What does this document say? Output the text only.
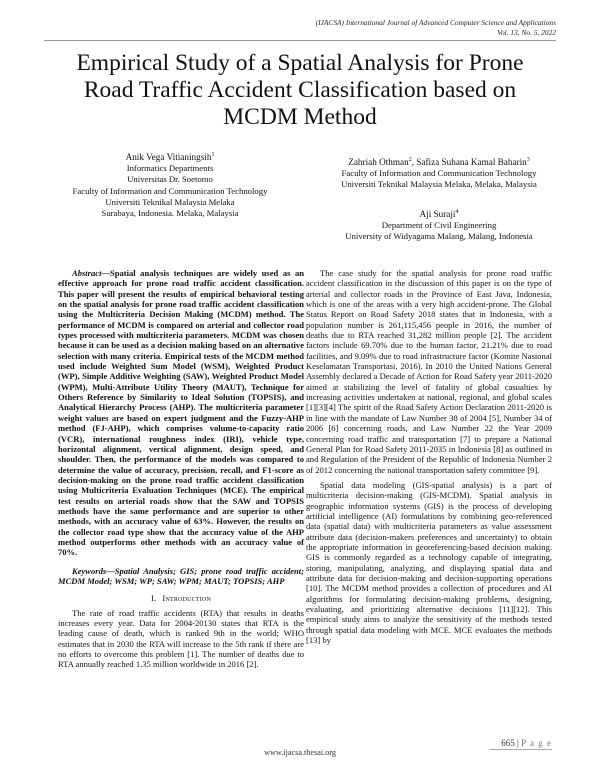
(IJACSA) International Journal of Advanced Computer Science and Applications
Vol. 13, No. 5, 2022
Empirical Study of a Spatial Analysis for Prone Road Traffic Accident Classification based on MCDM Method
Anik Vega Vitianingsih$^1$
Informatics Departments
Universitas Dr. Soetomo
Faculty of Information and Communication Technology
Universiti Teknikal Malaysia Melaka
Surabaya, Indonesia. Melaka, Malaysia
Zahriah Othman$^2$, Safiza Suhana Kamal Baharin$^3$
Faculty of Information and Communication Technology
Universiti Teknikal Malaysia Melaka, Melaka, Malaysia
Aji Suraji$^4$
Department of Civil Engineering
University of Widyagama Malang, Malang, Indonesia

Abstract—Spatial analysis techniques are widely used as an effective approach for prone road traffic accident classification. This paper will present the results of empirical behavioral testing on the spatial analysis for prone road traffic accident classification using the Multicriteria Decision Making (MCDM) method. The performance of MCDM is compared on arterial and collector road types processed with multicriteria parameters. MCDM was chosen because it can be used as a decision making based on an alternative selection with many criteria. Empirical tests of the MCDM method used include Weighted Sum Model (WSM), Weighted Product (WP), Simple Additive Weighting (SAW), Weighted Product Model (WPM), Multi-Attribute Utility Theory (MAUT), Technique for Others Reference by Similarity to Ideal Solution (TOPSIS), and Analytical Hierarchy Process (AHP). The multicriteria parameter weight values are based on expert judgment and the Fuzzy-AHP method (FJ-AHP), which comprises volume-to-capacity ratio (VCR), international roughness index (IRI), vehicle type, horizontal alignment, vertical alignment, design speed, and shoulder. Then, the performance of the models was compared to determine the value of accuracy, precision, recall, and F1-score as decision-making on the prone road traffic accident classification using Multicriteria Evaluation Techniques (MCE). The empirical test results on arterial roads show that the SAW and TOPSIS methods have the same performance and are superior to other methods, with an accuracy value of 63%. However, the results on the collector road type show that the accuracy value of the AHP method outperforms other methods with an accuracy value of 70%.

Keywords—Spatial Analysis; GIS; prone road traffic accident; MCDM Model; WSM; WP; SAW; WPM; MAUT; TOPSIS; AHP

I. Introduction

The rate of road traffic accidents (RTA) that results in deaths increases every year. Data for 2004-20130 states that RTA is the leading cause of death, which is ranked 9th in the world; WHO estimates that in 2030 the RTA will increase to the 5th rank if there are no efforts to overcome this problem [1]. The number of deaths due to RTA annually reached 1.35 million worldwide in 2016 [2].

The case study for the spatial analysis for prone road traffic accident classification in the discussion of this paper is on the type of arterial and collector roads in the Province of East Java, Indonesia, which is one of the areas with a very high accident-prone. The Global Status Report on Road Safety 2018 states that in Indonesia, with a population number is 261,115,456 people in 2016, the number of deaths due to RTA reached 31,282 million people [2]. The accident factors include 69.70% due to the human factor, 21.21% due to road facilities, and 9.09% due to road infrastructure factor (Komite Nasional Keselamatan Transportasi, 2016). In 2010 the United Nations General Assembly declared a Decade of Action for Road Safety year 2011-2020 aimed at stabilizing the level of fatality of global casualties by increasing activities undertaken at national, regional, and global scales [1][3][4] The spirit of the Road Safety Action Declaration 2011-2020 is in line with the mandate of Law Number 38 of 2004 [5], Number 34 of 2006 [6] concerning roads, and Law Number 22 the Year 2009 concerning road traffic and transportation [7] to prepare a National General Plan for Road Safety 2011-2035 in Indonesia [8] as outlined in and Regulation of the President of the Republic of Indonesia Number 2 of 2012 concerning the national transportation safety committee [9].

Spatial data modeling (GIS-spatial analysis) is a part of multicriteria decision-making (GIS-MCDM). Spatial analysis in geographic information systems (GIS) is the process of developing artificial intelligence (AI) formulations by combining geo-referenced data (spatial data) with multicriteria parameters as value assessment attribute data (decision-makers preferences and uncertainty) to obtain the appropriate information in georeferencing-based decision making. GIS is commonly regarded as a technology capable of integrating, storing, manipulating, analyzing, and displaying spatial data and attribute data for decision-making and decision-supporting operations [10]. The MCDM method provides a collection of procedures and AI algorithms for formulating decision-making problems, designing, evaluating, and prioritizing alternative decisions [11][12]. This empirical study aims to analyze the sensitivity of the methods tested through spatial data modeling with MCE. MCE evaluates the methods [13] by

665 | P a g e
www.ijacsa.thesai.org
